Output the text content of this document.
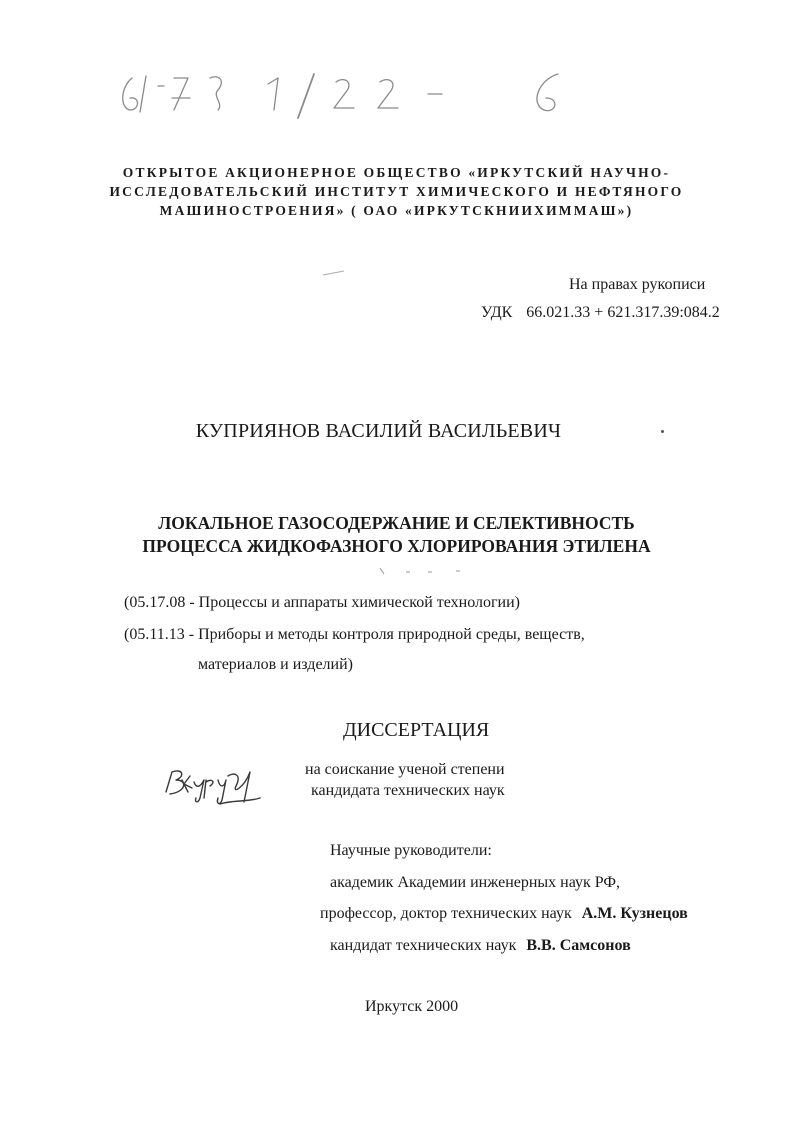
ОТКРЫТОЕ АКЦИОНЕРНОЕ ОБЩЕСТВО «ИРКУТСКИЙ НАУЧНО-
ИССЛЕДОВАТЕЛЬСКИЙ ИНСТИТУТ ХИМИЧЕСКОГО И НЕФТЯНОГО
МАШИНОСТРОЕНИЯ» ( ОАО «ИРКУТСКНИИХИММАШ»)
На правах рукописи
УДК 66.021.33 + 621.317.39:084.2
КУПРИЯНОВ ВАСИЛИЙ ВАСИЛЬЕВИЧ
ЛОКАЛЬНОЕ ГАЗОСОДЕРЖАНИЕ И СЕЛЕКТИВНОСТЬ
ПРОЦЕССА ЖИДКОФАЗНОГО ХЛОРИРОВАНИЯ ЭТИЛЕНА
(05.17.08 - Процессы и аппараты химической технологии)
(05.11.13 - Приборы и методы контроля природной среды, веществ,
материалов и изделий)
ДИССЕРТАЦИЯ
на соискание ученой степени
кандидата технических наук
Научные руководители:
академик Академии инженерных наук РФ,
профессор, доктор технических наук А.М. Кузнецов
кандидат технических наук В.В. Самсонов
Иркутск 2000
